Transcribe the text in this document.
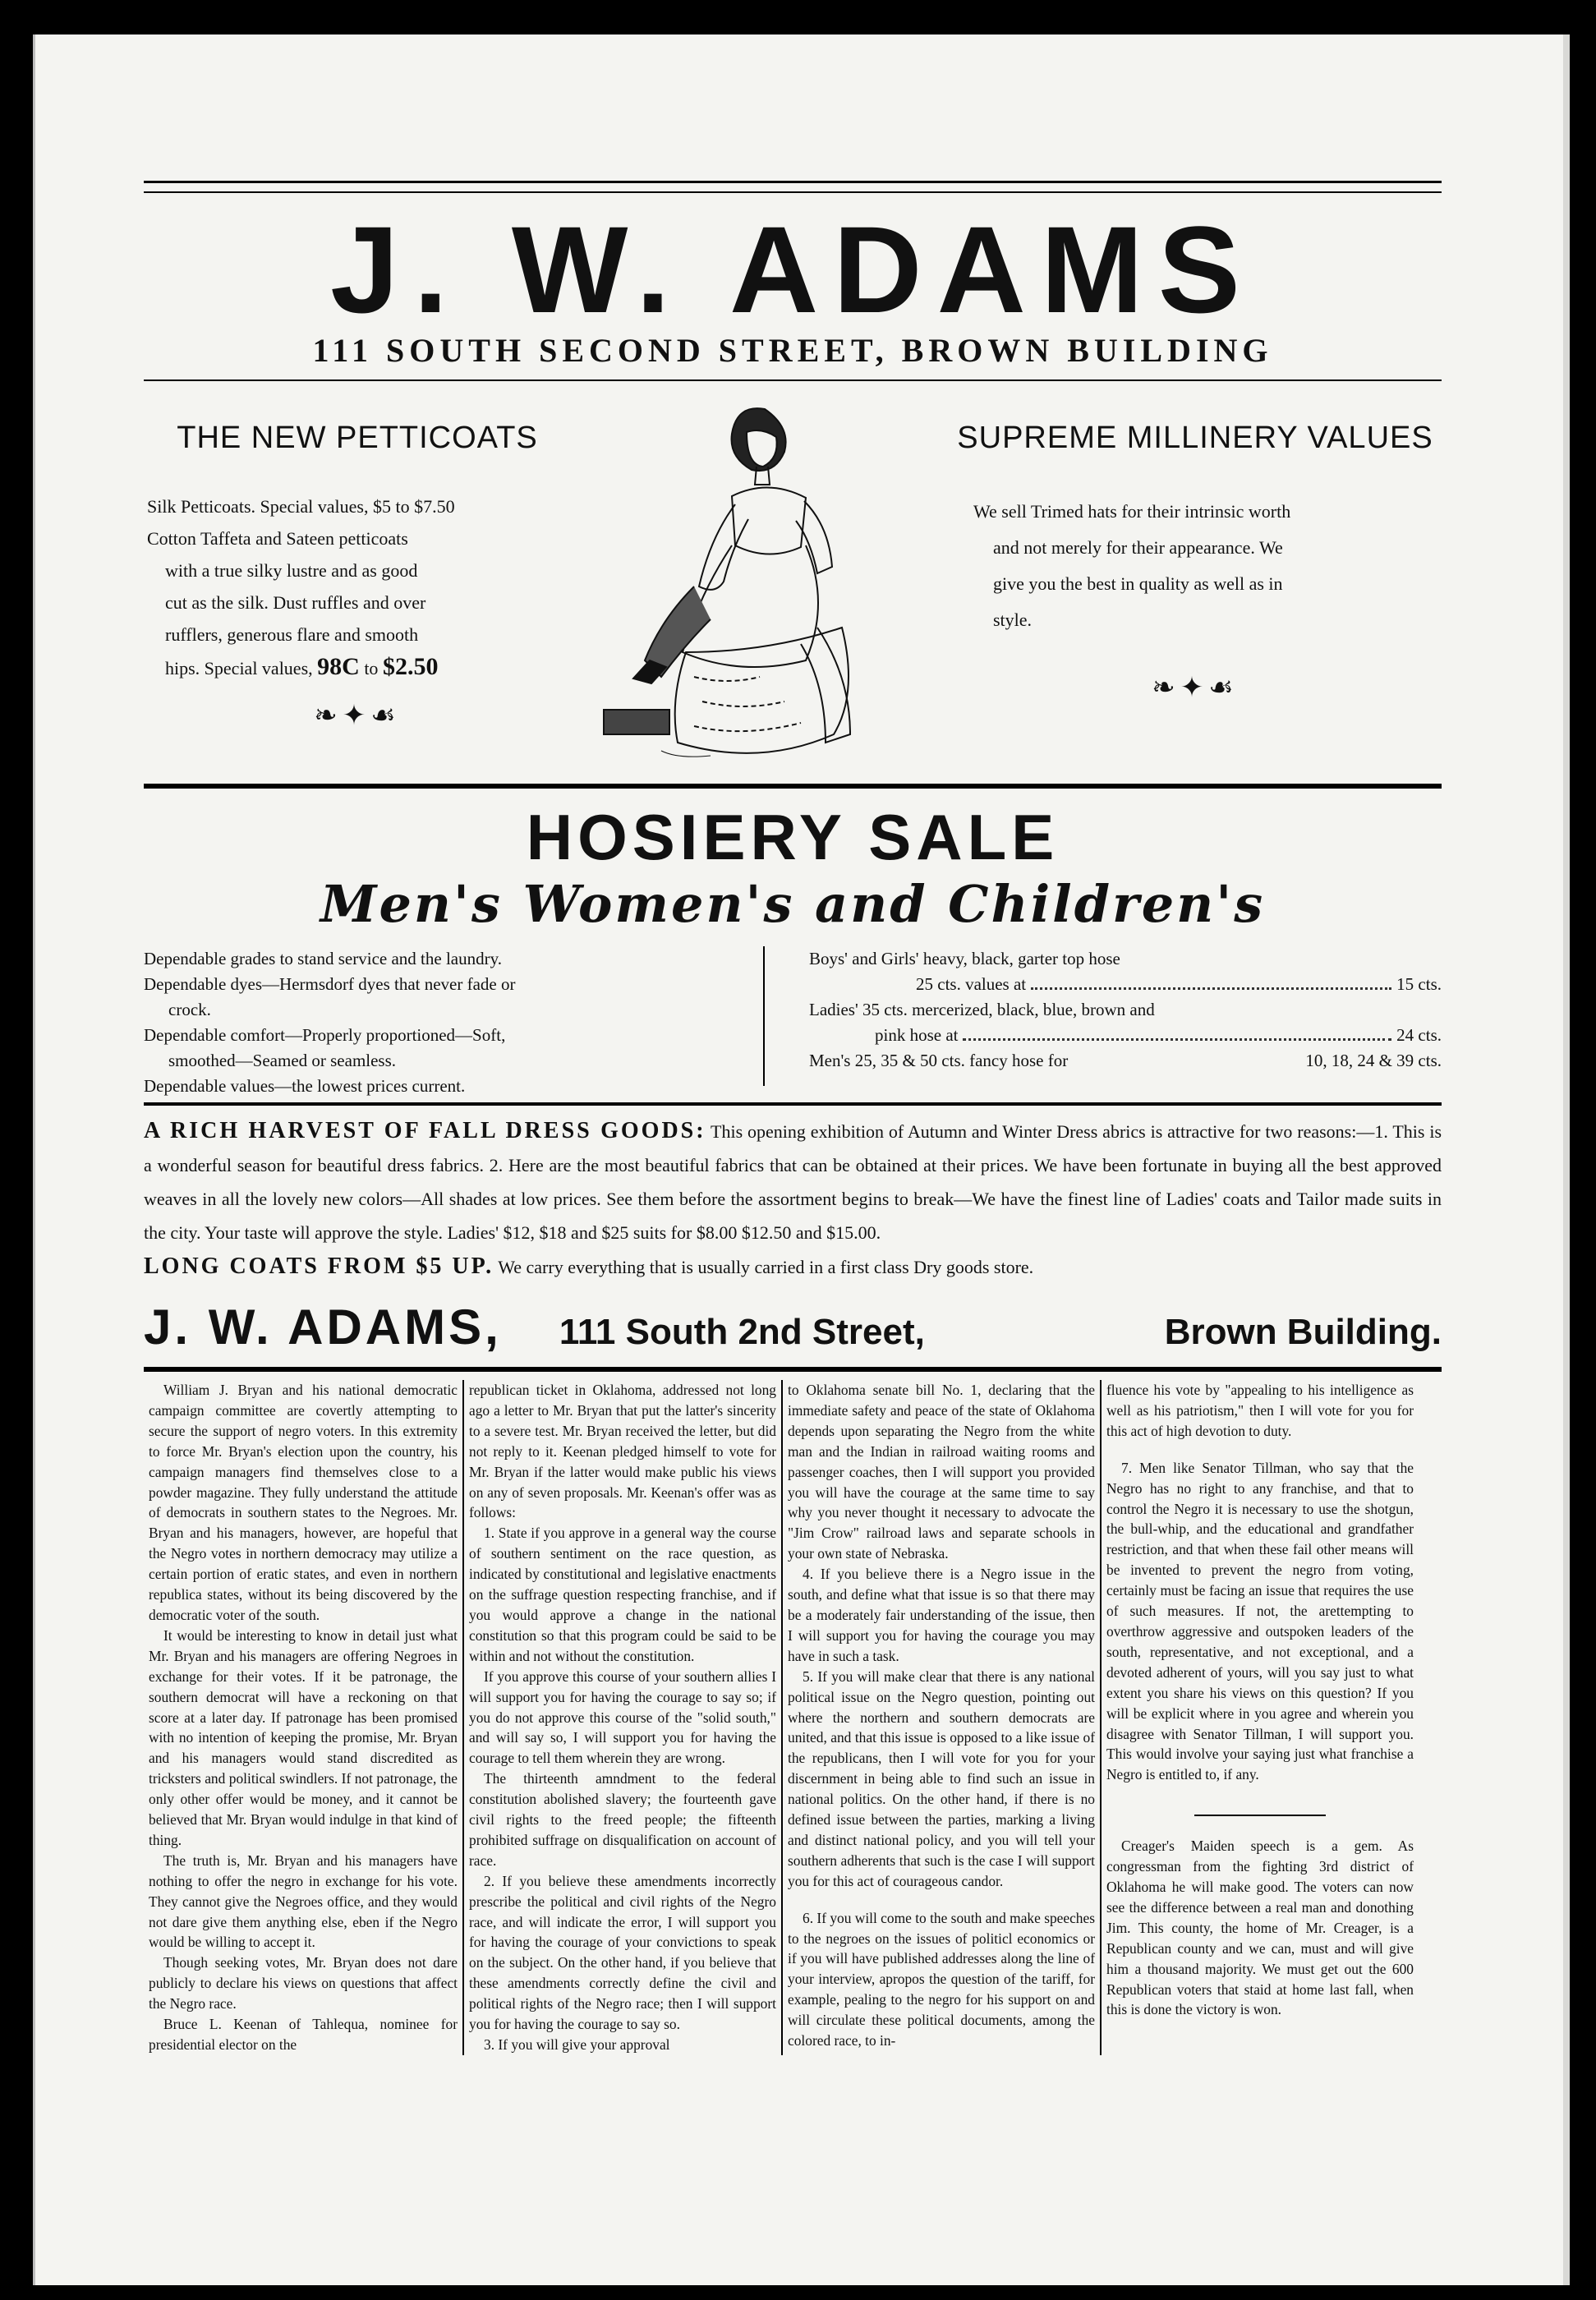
J. W. ADAMS
111 SOUTH SECOND STREET, BROWN BUILDING
THE NEW PETTICOATS
Silk Petticoats. Special values, $5 to $7.50
Cotton Taffeta and Sateen petticoats
with a true silky lustre and as good
cut as the silk. Dust ruffles and over
rufflers, generous flare and smooth
hips. Special values, 98C to $2.50
❧✦☙
SUPREME MILLINERY VALUES
We sell Trimed hats for their intrinsic worth
and not merely for their appearance. We
give you the best in quality as well as in
style.
❧✦☙
HOSIERY SALE
Men's Women's and Children's

Dependable grades to stand service and the laundry.

Dependable dyes—Hermsdorf dyes that never fade or

crock.

Dependable comfort—Properly proportioned—Soft,

smoothed—Seamed or seamless.

Dependable values—the lowest prices current.

Boys' and Girls' heavy, black, garter top hose

25 cts. values at	15 cts.

Ladies' 35 cts. mercerized, black, blue, brown and

pink hose at	24 cts.
Men's 25, 35 & 50 cts. fancy hose for	10, 18, 24 & 39 cts.
A RICH HARVEST OF FALL DRESS GOODS: This opening exhibition of Autumn and Winter Dress abrics is attractive for two reasons:—1. This is a wonderful season for beautiful dress fabrics. 2. Here are the most beautiful fabrics that can be obtained at their prices. We have been fortunate in buying all the best approved weaves in all the lovely new colors—All shades at low prices. See them before the assortment begins to break—We have the finest line of Ladies' coats and Tailor made suits in the city. Your taste will approve the style. Ladies' $12, $18 and $25 suits for $8.00 $12.50 and $15.00.
LONG COATS FROM $5 UP. We carry everything that is usually carried in a first class Dry goods store.
J. W. ADAMS, 111 South 2nd Street,	Brown Building.

William J. Bryan and his national democratic campaign committee are covertly attempting to secure the support of negro voters. In this extremity to force Mr. Bryan's election upon the country, his campaign managers find themselves close to a powder magazine. They fully understand the attitude of democrats in southern states to the Negroes. Mr. Bryan and his managers, however, are hopeful that the Negro votes in northern democracy may utilize a certain portion of eratic states, and even in northern republica states, without its being discovered by the democratic voter of the south.

It would be interesting to know in detail just what Mr. Bryan and his managers are offering Negroes in exchange for their votes. If it be patronage, the southern democrat will have a reckoning on that score at a later day. If patronage has been promised with no intention of keeping the promise, Mr. Bryan and his managers would stand discredited as tricksters and political swindlers. If not patronage, the only other offer would be money, and it cannot be believed that Mr. Bryan would indulge in that kind of thing.

The truth is, Mr. Bryan and his managers have nothing to offer the negro in exchange for his vote. They cannot give the Negroes office, and they would not dare give them anything else, eben if the Negro would be willing to accept it.

Though seeking votes, Mr. Bryan does not dare publicly to declare his views on questions that affect the Negro race.

Bruce L. Keenan of Tahlequa, nominee for presidential elector on the

republican ticket in Oklahoma, addressed not long ago a letter to Mr. Bryan that put the latter's sincerity to a severe test. Mr. Bryan received the letter, but did not reply to it. Keenan pledged himself to vote for Mr. Bryan if the latter would make public his views on any of seven proposals. Mr. Keenan's offer was as follows:

1. State if you approve in a general way the course of southern sentiment on the race question, as indicated by constitutional and legislative enactments on the suffrage question respecting franchise, and if you would approve a change in the national constitution so that this program could be said to be within and not without the constitution.

If you approve this course of your southern allies I will support you for having the courage to say so; if you do not approve this course of the "solid south," and will say so, I will support you for having the courage to tell them wherein they are wrong.

The thirteenth amndment to the federal constitution abolished slavery; the fourteenth gave civil rights to the freed people; the fifteenth prohibited suffrage on disqualification on account of race.

2. If you believe these amendments incorrectly prescribe the political and civil rights of the Negro race, and will indicate the error, I will support you for having the courage of your convictions to speak on the subject. On the other hand, if you believe that these amendments correctly define the civil and political rights of the Negro race; then I will support you for having the courage to say so.

3. If you will give your approval

to Oklahoma senate bill No. 1, declaring that the immediate safety and peace of the state of Oklahoma depends upon separating the Negro from the white man and the Indian in railroad waiting rooms and passenger coaches, then I will support you provided you will have the courage at the same time to say why you never thought it necessary to advocate the "Jim Crow" railroad laws and separate schools in your own state of Nebraska.

4. If you believe there is a Negro issue in the south, and define what that issue is so that there may be a moderately fair understanding of the issue, then I will support you for having the courage you may have in such a task.

5. If you will make clear that there is any national political issue on the Negro question, pointing out where the northern and southern democrats are united, and that this issue is opposed to a like issue of the republicans, then I will vote for you for your discernment in being able to find such an issue in national politics. On the other hand, if there is no defined issue between the parties, marking a living and distinct national policy, and you will tell your southern adherents that such is the case I will support you for this act of courageous candor.

6. If you will come to the south and make speeches to the negroes on the issues of politicl economics or if you will have published addresses along the line of your interview, apropos the question of the tariff, for example, pealing to the negro for his support on and will circulate these political documents, among the colored race, to in-

fluence his vote by "appealing to his intelligence as well as his patriotism," then I will vote for you for this act of high devotion to duty.

7. Men like Senator Tillman, who say that the Negro has no right to any franchise, and that to control the Negro it is necessary to use the shotgun, the bull-whip, and the educational and grandfather restriction, and that when these fail other means will be invented to prevent the negro from voting, certainly must be facing an issue that requires the use of such measures. If not, the arettempting to overthrow aggressive and outspoken leaders of the south, representative, and not exceptional, and a devoted adherent of yours, will you say just to what extent you share his views on this question? If you will be explicit where in you agree and wherein you disagree with Senator Tillman, I will support you. This would involve your saying just what franchise a Negro is entitled to, if any.

Creager's Maiden speech is a gem. As congressman from the fighting 3rd district of Oklahoma he will make good. The voters can now see the difference between a real man and donothing Jim. This county, the home of Mr. Creager, is a Republican county and we can, must and will give him a thousand majority. We must get out the 600 Republican voters that staid at home last fall, when this is done the victory is won.
